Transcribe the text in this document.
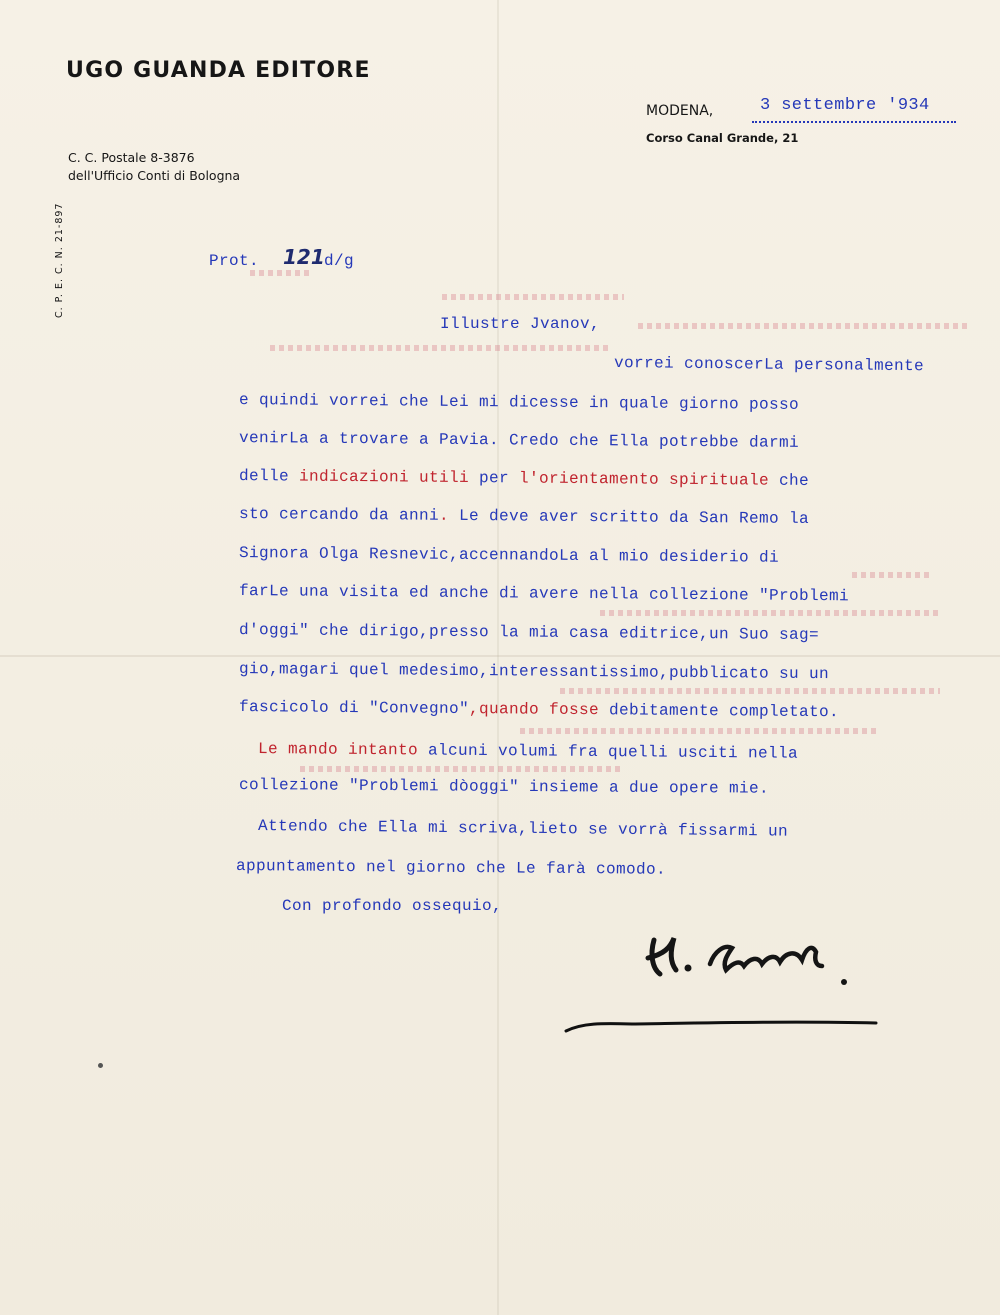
UGO GUANDA EDITORE

C. C. Postale 8-3876

dell'Ufficio Conti di Bologna

C. P. E. C. N. 21-897

MODENA,	3 settembre '934

Corso Canal Grande, 21

Prot. 121 d/g

Illustre Jvanov,

vorrei conoscerLa personalmente

e quindi vorrei che Lei mi dicesse in quale giorno posso

venirLa a trovare a Pavia. Credo che Ella potrebbe darmi

delle indicazioni utili per l'orientamento spirituale che

sto cercando da anni. Le deve aver scritto da San Remo la

Signora Olga Resnevic,accennandoLa al mio desiderio di

farLe una visita ed anche di avere nella collezione "Problemi

d'oggi" che dirigo,presso la mia casa editrice,un Suo sag=

gio,magari quel medesimo,interessantissimo,pubblicato su un

fascicolo di "Convegno",quando fosse debitamente completato.

Le mando intanto alcuni volumi fra quelli usciti nella

collezione "Problemi dòoggi" insieme a due opere mie.

Attendo che Ella mi scriva,lieto se vorrà fissarmi un

appuntamento nel giorno che Le farà comodo.

Con profondo ossequio,
